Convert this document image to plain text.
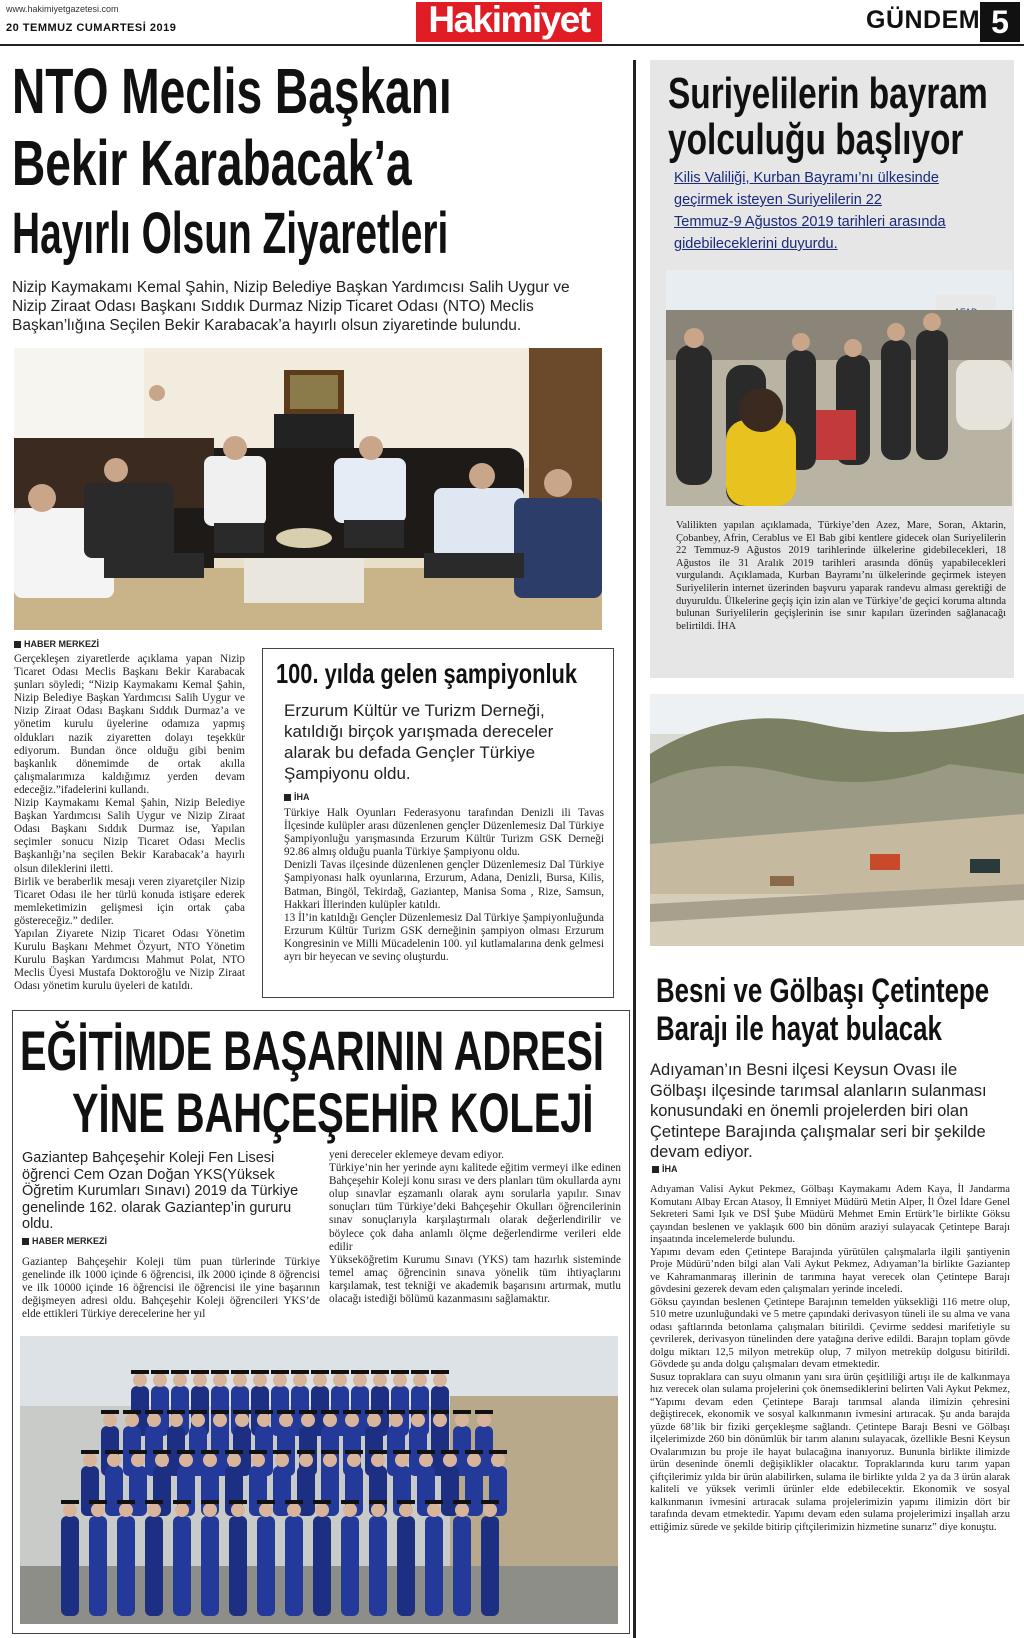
www.hakimiyetgazetesi.com
20 TEMMUZ CUMARTESİ 2019	Hakimiyet	GÜNDEM 5
NTO Meclis Başkanı
Bekir Karabacak’a
Hayırlı Olsun Ziyaretleri
Nizip Kaymakamı Kemal Şahin, Nizip Belediye Başkan Yardımcısı Salih Uygur ve Nizip Ziraat Odası Başkanı Sıddık Durmaz Nizip Ticaret Odası (NTO) Meclis Başkan’lığına Seçilen Bekir Karabacak’a hayırlı olsun ziyaretinde bulundu.
HABER MERKEZİ
Gerçekleşen ziyaretlerde açıklama yapan Nizip Ticaret Odası Meclis Başkanı Bekir Karabacak şunları söyledi; “Nizip Kaymakamı Kemal Şahin, Nizip Belediye Başkan Yardımcısı Salih Uygur ve Nizip Ziraat Odası Başkanı Sıddık Durmaz’a ve yönetim kurulu üyelerine odamıza yapmış oldukları nazik ziyaretten dolayı teşekkür ediyorum. Bundan önce olduğu gibi benim başkanlık dönemimde de ortak akılla çalışmalarımıza kaldığımız yerden devam edeceğiz.”ifadelerini kullandı.
Nizip Kaymakamı Kemal Şahin, Nizip Belediye Başkan Yardımcısı Salih Uygur ve Nizip Ziraat Odası Başkanı Sıddık Durmaz ise, Yapılan seçimler sonucu Nizip Ticaret Odası Meclis Başkanlığı’na seçilen Bekir Karabacak’a hayırlı olsun dileklerini iletti.
Birlik ve beraberlik mesajı veren ziyaretçiler Nizip Ticaret Odası ile her türlü konuda istişare ederek memleketimizin gelişmesi için ortak çaba göstereceğiz.” dediler.
Yapılan Ziyarete Nizip Ticaret Odası Yönetim Kurulu Başkanı Mehmet Özyurt, NTO Yönetim Kurulu Başkan Yardımcısı Mahmut Polat, NTO Meclis Üyesi Mustafa Doktoroğlu ve Nizip Ziraat Odası yönetim kurulu üyeleri de katıldı.
100. yılda gelen şampiyonluk
Erzurum Kültür ve Turizm Derneği, katıldığı birçok yarışmada dereceler alarak bu defada Gençler Türkiye Şampiyonu oldu.
İHA
Türkiye Halk Oyunları Federasyonu tarafından Denizli ili Tavas İlçesinde kulüpler arası düzenlenen gençler Düzenlemesiz Dal Türkiye Şampiyonluğu yarışmasında Erzurum Kültür Turizm GSK Derneği 92.86 almış olduğu puanla Türkiye Şampiyonu oldu.
Denizli Tavas ilçesinde düzenlenen gençler Düzenlemesiz Dal Türkiye Şampiyonası halk oyunlarına, Erzurum, Adana, Denizli, Bursa, Kilis, Batman, Bingöl, Tekirdağ, Gaziantep, Manisa Soma , Rize, Samsun, Hakkari İllerinden kulüpler katıldı.
13 İl’in katıldığı Gençler Düzenlemesiz Dal Türkiye Şampiyonluğunda Erzurum Kültür Turizm GSK derneğinin şampiyon olması Erzurum Kongresinin ve Milli Mücadelenin 100. yıl kutlamalarına denk gelmesi ayrı bir heyecan ve sevinç oluşturdu.
EĞİTİMDE BAŞARININ ADRESİ
YİNE BAHÇEŞEHİR KOLEJİ
Gaziantep Bahçeşehir Koleji Fen Lisesi öğrenci Cem Ozan Doğan YKS(Yüksek Öğretim Kurumları Sınavı) 2019 da Türkiye genelinde 162. olarak Gaziantep’in gururu oldu.
HABER MERKEZİ
Gaziantep Bahçeşehir Koleji tüm puan türlerinde Türkiye genelinde ilk 1000 içinde 6 öğrencisi, ilk 2000 içinde 8 öğrencisi ve ilk 10000 içinde 16 öğrencisi ile öğrencisi ile yine başarının değişmeyen adresi oldu. Bahçeşehir Koleji öğrencileri YKS’de elde ettikleri Türkiye derecelerine her yıl
yeni dereceler eklemeye devam ediyor.
Türkiye’nin her yerinde aynı kalitede eğitim vermeyi ilke edinen Bahçeşehir Koleji konu sırası ve ders planları tüm okullarda aynı olup sınavlar eşzamanlı olarak aynı sorularla yapılır. Sınav sonuçları tüm Türkiye’deki Bahçeşehir Okulları öğrencilerinin sınav sonuçlarıyla karşılaştırmalı olarak değerlendirilir ve böylece çok daha anlamlı ölçme değerlendirme verileri elde edilir
Yükseköğretim Kurumu Sınavı (YKS) tam hazırlık sisteminde temel amaç öğrencinin sınava yönelik tüm ihtiyaçlarını karşılamak, test tekniği ve akademik başarısını artırmak, mutlu olacağı istediği bölümü kazanmasını sağlamaktır.
Suriyelilerin bayram
yolculuğu başlıyor
Kilis Valiliği, Kurban Bayramı’nı ülkesinde
geçirmek isteyen Suriyelilerin 22
Temmuz-9 Ağustos 2019 tarihleri arasında
gidebileceklerini duyurdu.
Valilikten yapılan açıklamada, Türkiye’den Azez, Mare, Soran, Aktarin, Çobanbey, Afrin, Cerablus ve El Bab gibi kentlere gidecek olan Suriyelilerin 22 Temmuz-9 Ağustos 2019 tarihlerinde ülkelerine gidebilecekleri, 18 Ağustos ile 31 Aralık 2019 tarihleri arasında dönüş yapabilecekleri vurgulandı. Açıklamada, Kurban Bayramı’nı ülkelerinde geçirmek isteyen Suriyelilerin internet üzerinden başvuru yaparak randevu alması gerektiği de duyuruldu. Ülkelerine geçiş için izin alan ve Türkiye’de geçici koruma altında bulunan Suriyelilerin geçişlerinin ise sınır kapıları üzerinden sağlanacağı belirtildi. İHA
Besni ve Gölbaşı Çetintepe
Barajı ile hayat bulacak
Adıyaman’ın Besni ilçesi Keysun Ovası ile Gölbaşı ilçesinde tarımsal alanların sulanması konusundaki en önemli projelerden biri olan Çetintepe Barajında çalışmalar seri bir şekilde devam ediyor.
İHA
Adıyaman Valisi Aykut Pekmez, Gölbaşı Kaymakamı Adem Kaya, İl Jandarma Komutanı Albay Ercan Atasoy, İl Emniyet Müdürü Metin Alper, İl Özel İdare Genel Sekreteri Sami Işık ve DSİ Şube Müdürü Mehmet Emin Ertürk’le birlikte Göksu çayından beslenen ve yaklaşık 600 bin dönüm araziyi sulayacak Çetintepe Barajı inşaatında incelemelerde bulundu.
Yapımı devam eden Çetintepe Barajında yürütülen çalışmalarla ilgili şantiyenin Proje Müdürü’nden bilgi alan Vali Aykut Pekmez, Adıyaman’la birlikte Gaziantep ve Kahramanmaraş illerinin de tarımına hayat verecek olan Çetintepe Barajı gövdesini gezerek devam eden çalışmaları yerinde inceledi.
Göksu çayından beslenen Çetintepe Barajının temelden yüksekliği 116 metre olup, 510 metre uzunluğundaki ve 5 metre çapındaki derivasyon tüneli ile su alma ve vana odası şaftlarında betonlama çalışmaları bitirildi. Çevirme seddesi marifetiyle su çevrilerek, derivasyon tünelinden dere yatağına derive edildi. Barajın toplam gövde dolgu miktarı 12,5 milyon metreküp olup, 7 milyon metreküp dolgusu bitirildi. Gövdede şu anda dolgu çalışmaları devam etmektedir.
Susuz topraklara can suyu olmanın yanı sıra ürün çeşitliliği artışı ile de kalkınmaya hız verecek olan sulama projelerini çok önemsediklerini belirten Vali Aykut Pekmez, “Yapımı devam eden Çetintepe Barajı tarımsal alanda ilimizin çehresini değiştirecek, ekonomik ve sosyal kalkınmanın ivmesini artıracak. Şu anda barajda yüzde 68’lik bir fiziki gerçekleşme sağlandı. Çetintepe Barajı Besni ve Gölbaşı ilçelerimizde 260 bin dönümlük bir tarım alanını sulayacak, özellikle Besni Keysun Ovalarımızın bu proje ile hayat bulacağına inanıyoruz. Bununla birlikte ilimizde ürün deseninde önemli değişiklikler olacaktır. Topraklarında kuru tarım yapan çiftçilerimiz yılda bir ürün alabilirken, sulama ile birlikte yılda 2 ya da 3 ürün alarak kaliteli ve yüksek verimli ürünler elde edebilecektir. Ekonomik ve sosyal kalkınmanın ivmesini artıracak sulama projelerimizin yapımı ilimizin dört bir tarafında devam etmektedir. Yapımı devam eden sulama projelerimizi inşallah arzu ettiğimiz sürede ve şekilde bitirip çiftçilerimizin hizmetine sunarız” diye konuştu.
